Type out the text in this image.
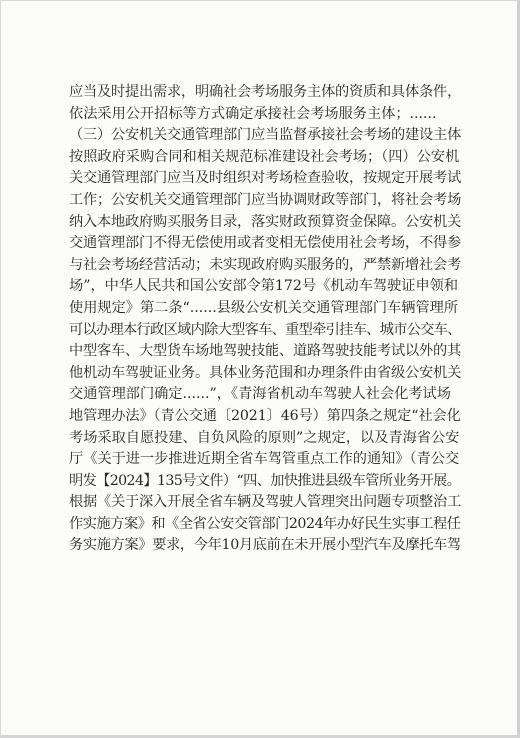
应当及时提出需求，明确社会考场服务主体的资质和具体条件，
依法采用公开招标等方式确定承接社会考场服务主体；......
（三）公安机关交通管理部门应当监督承接社会考场的建设主体
按照政府采购合同和相关规范标准建设社会考场；（四）公安机
关交通管理部门应当及时组织对考场检查验收，按规定开展考试
工作；公安机关交通管理部门应当协调财政等部门，将社会考场
纳入本地政府购买服务目录，落实财政预算资金保障。公安机关
交通管理部门不得无偿使用或者变相无偿使用社会考场，不得参
与社会考场经营活动；未实现政府购买服务的，严禁新增社会考
场”，中华人民共和国公安部令第172号《机动车驾驶证申领和
使用规定》第二条“......县级公安机关交通管理部门车辆管理所
可以办理本行政区域内除大型客车、重型牵引挂车、城市公交车、
中型客车、大型货车场地驾驶技能、道路驾驶技能考试以外的其
他机动车驾驶证业务。具体业务范围和办理条件由省级公安机关
交通管理部门确定......”，《青海省机动车驾驶人社会化考试场
地管理办法》（青公交通〔2021〕46号）第四条之规定“社会化
考场采取自愿投建、自负风险的原则”之规定，以及青海省公安
厅《关于进一步推进近期全省车驾管重点工作的通知》（青公交
明发【2024】135号文件）“四、加快推进县级车管所业务开展。
根据《关于深入开展全省车辆及驾驶人管理突出问题专项整治工
作实施方案》和《全省公安交管部门2024年办好民生实事工程任
务实施方案》要求，今年10月底前在未开展小型汽车及摩托车驾
